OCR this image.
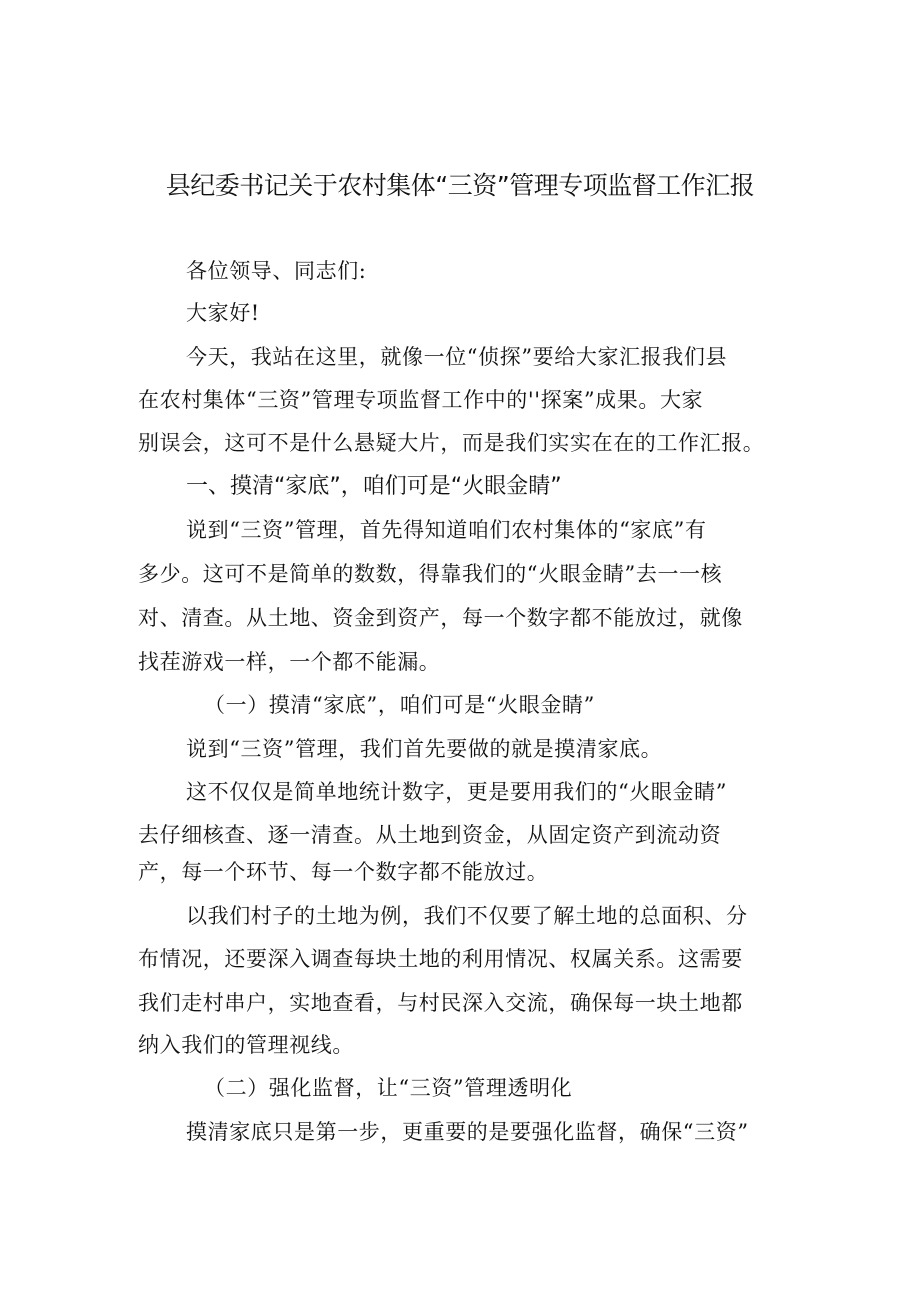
县纪委书记关于农村集体“三资”管理专项监督工作汇报
各位领导、同志们:
大家好!
今天，我站在这里，就像一位“侦探”要给大家汇报我们县
在农村集体“三资”管理专项监督工作中的''探案”成果。大家
别误会，这可不是什么悬疑大片，而是我们实实在在的工作汇报。
一、摸清“家底”，咱们可是“火眼金睛”
说到“三资”管理，首先得知道咱们农村集体的“家底”有
多少。这可不是简单的数数，得靠我们的“火眼金睛”去一一核
对、清查。从土地、资金到资产，每一个数字都不能放过，就像
找茬游戏一样，一个都不能漏。
（一）摸清“家底”，咱们可是“火眼金睛”
说到“三资”管理，我们首先要做的就是摸清家底。
这不仅仅是简单地统计数字，更是要用我们的“火眼金睛”
去仔细核查、逐一清查。从土地到资金，从固定资产到流动资
产，每一个环节、每一个数字都不能放过。
以我们村子的土地为例，我们不仅要了解土地的总面积、分
布情况，还要深入调查每块土地的利用情况、权属关系。这需要
我们走村串户，实地查看，与村民深入交流，确保每一块土地都
纳入我们的管理视线。
（二）强化监督，让“三资”管理透明化
摸清家底只是第一步，更重要的是要强化监督，确保“三资”
